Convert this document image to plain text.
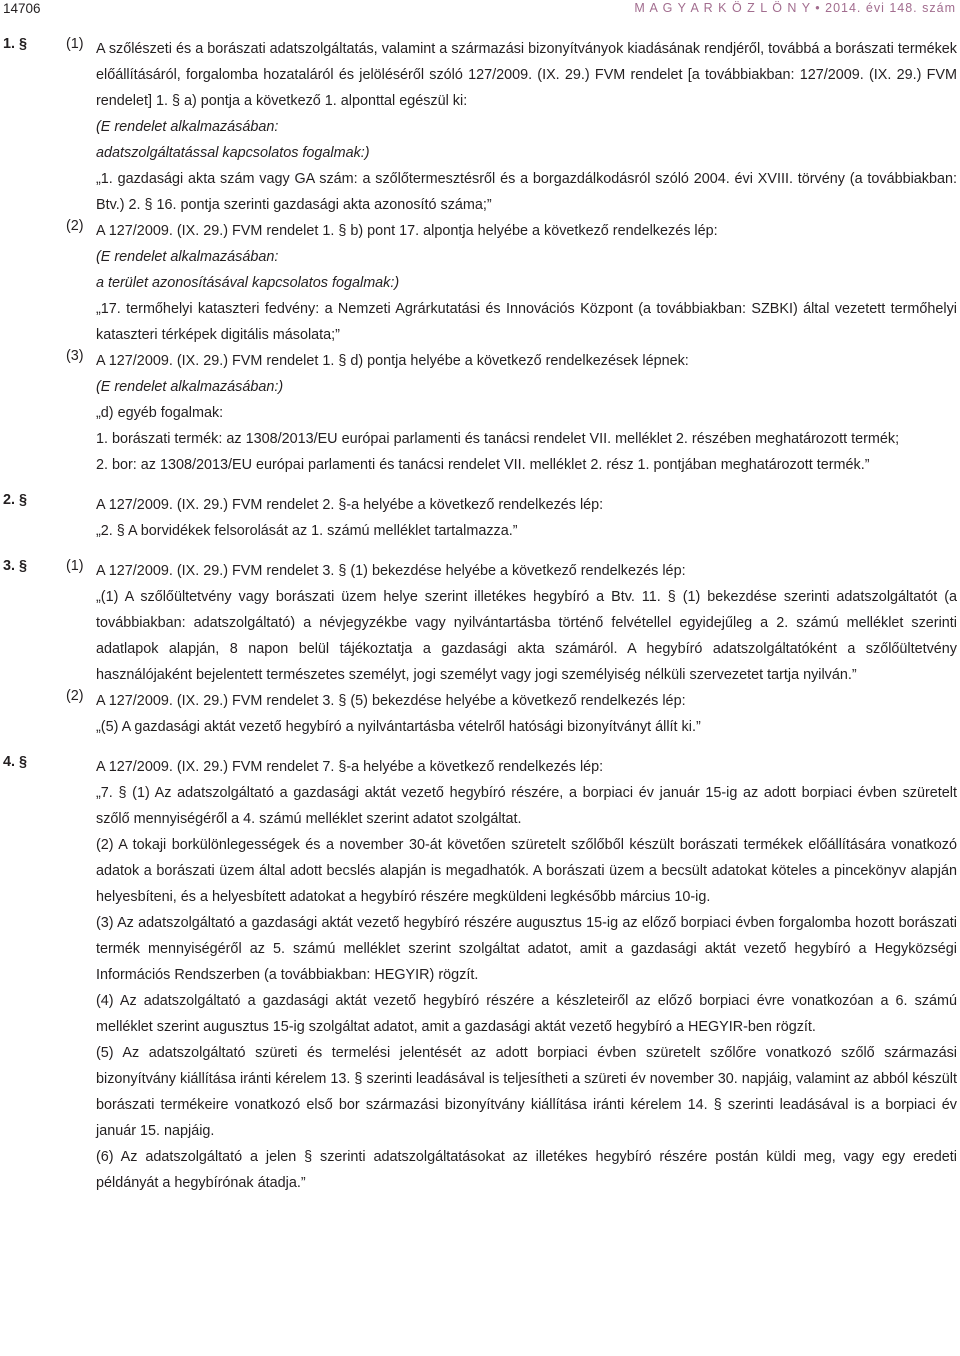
14706	M A G Y A R K Ö Z L Ö N Y • 2014. évi 148. szám
1. §	(1) A szőlészeti és a borászati adatszolgáltatás, valamint a származási bizonyítványok kiadásának rendjéről, továbbá a borászati termékek előállításáról, forgalomba hozataláról és jelöléséről szóló 127/2009. (IX. 29.) FVM rendelet [a továbbiakban: 127/2009. (IX. 29.) FVM rendelet] 1. § a) pontja a következő 1. alponttal egészül ki:

(E rendelet alkalmazásában:

adatszolgáltatással kapcsolatos fogalmak:)

„1. gazdasági akta szám vagy GA szám: a szőlőtermesztésről és a borgazdálkodásról szóló 2004. évi XVIII. törvény (a továbbiakban: Btv.) 2. § 16. pontja szerinti gazdasági akta azonosító száma;”

(2) A 127/2009. (IX. 29.) FVM rendelet 1. § b) pont 17. alpontja helyébe a következő rendelkezés lép:

(E rendelet alkalmazásában:

a terület azonosításával kapcsolatos fogalmak:)

„17. termőhelyi kataszteri fedvény: a Nemzeti Agrárkutatási és Innovációs Központ (a továbbiakban: SZBKI) által vezetett termőhelyi kataszteri térképek digitális másolata;”

(3) A 127/2009. (IX. 29.) FVM rendelet 1. § d) pontja helyébe a következő rendelkezések lépnek:

(E rendelet alkalmazásában:)

„d) egyéb fogalmak:

1. borászati termék: az 1308/2013/EU európai parlamenti és tanácsi rendelet VII. melléklet 2. részében meghatározott termék;

2. bor: az 1308/2013/EU európai parlamenti és tanácsi rendelet VII. melléklet 2. rész 1. pontjában meghatározott termék.”

2. §	A 127/2009. (IX. 29.) FVM rendelet 2. §-a helyébe a következő rendelkezés lép:

„2. § A borvidékek felsorolását az 1. számú melléklet tartalmazza.”

3. §	(1) A 127/2009. (IX. 29.) FVM rendelet 3. § (1) bekezdése helyébe a következő rendelkezés lép:

„(1) A szőlőültetvény vagy borászati üzem helye szerint illetékes hegybíró a Btv. 11. § (1) bekezdése szerinti adatszolgáltatót (a továbbiakban: adatszolgáltató) a névjegyzékbe vagy nyilvántartásba történő felvétellel egyidejűleg a 2. számú melléklet szerinti adatlapok alapján, 8 napon belül tájékoztatja a gazdasági akta számáról. A hegybíró adatszolgáltatóként a szőlőültetvény használójaként bejelentett természetes személyt, jogi személyt vagy jogi személyiség nélküli szervezetet tartja nyilván.”

(2) A 127/2009. (IX. 29.) FVM rendelet 3. § (5) bekezdése helyébe a következő rendelkezés lép:

„(5) A gazdasági aktát vezető hegybíró a nyilvántartásba vételről hatósági bizonyítványt állít ki.”

4. §	A 127/2009. (IX. 29.) FVM rendelet 7. §-a helyébe a következő rendelkezés lép:

„7. § (1) Az adatszolgáltató a gazdasági aktát vezető hegybíró részére, a borpiaci év január 15-ig az adott borpiaci évben szüretelt szőlő mennyiségéről a 4. számú melléklet szerint adatot szolgáltat.

(2) A tokaji borkülönlegességek és a november 30-át követően szüretelt szőlőből készült borászati termékek előállítására vonatkozó adatok a borászati üzem által adott becslés alapján is megadhatók. A borászati üzem a becsült adatokat köteles a pincekönyv alapján helyesbíteni, és a helyesbített adatokat a hegybíró részére megküldeni legkésőbb március 10-ig.

(3) Az adatszolgáltató a gazdasági aktát vezető hegybíró részére augusztus 15-ig az előző borpiaci évben forgalomba hozott borászati termék mennyiségéről az 5. számú melléklet szerint szolgáltat adatot, amit a gazdasági aktát vezető hegybíró a Hegyközségi Információs Rendszerben (a továbbiakban: HEGYIR) rögzít.

(4) Az adatszolgáltató a gazdasági aktát vezető hegybíró részére a készleteiről az előző borpiaci évre vonatkozóan a 6. számú melléklet szerint augusztus 15-ig szolgáltat adatot, amit a gazdasági aktát vezető hegybíró a HEGYIR-ben rögzít.

(5) Az adatszolgáltató szüreti és termelési jelentését az adott borpiaci évben szüretelt szőlőre vonatkozó szőlő származási bizonyítvány kiállítása iránti kérelem 13. § szerinti leadásával is teljesítheti a szüreti év november 30. napjáig, valamint az abból készült borászati termékeire vonatkozó első bor származási bizonyítvány kiállítása iránti kérelem 14. § szerinti leadásával is a borpiaci év január 15. napjáig.

(6) Az adatszolgáltató a jelen § szerinti adatszolgáltatásokat az illetékes hegybíró részére postán küldi meg, vagy egy eredeti példányát a hegybírónak átadja.”
